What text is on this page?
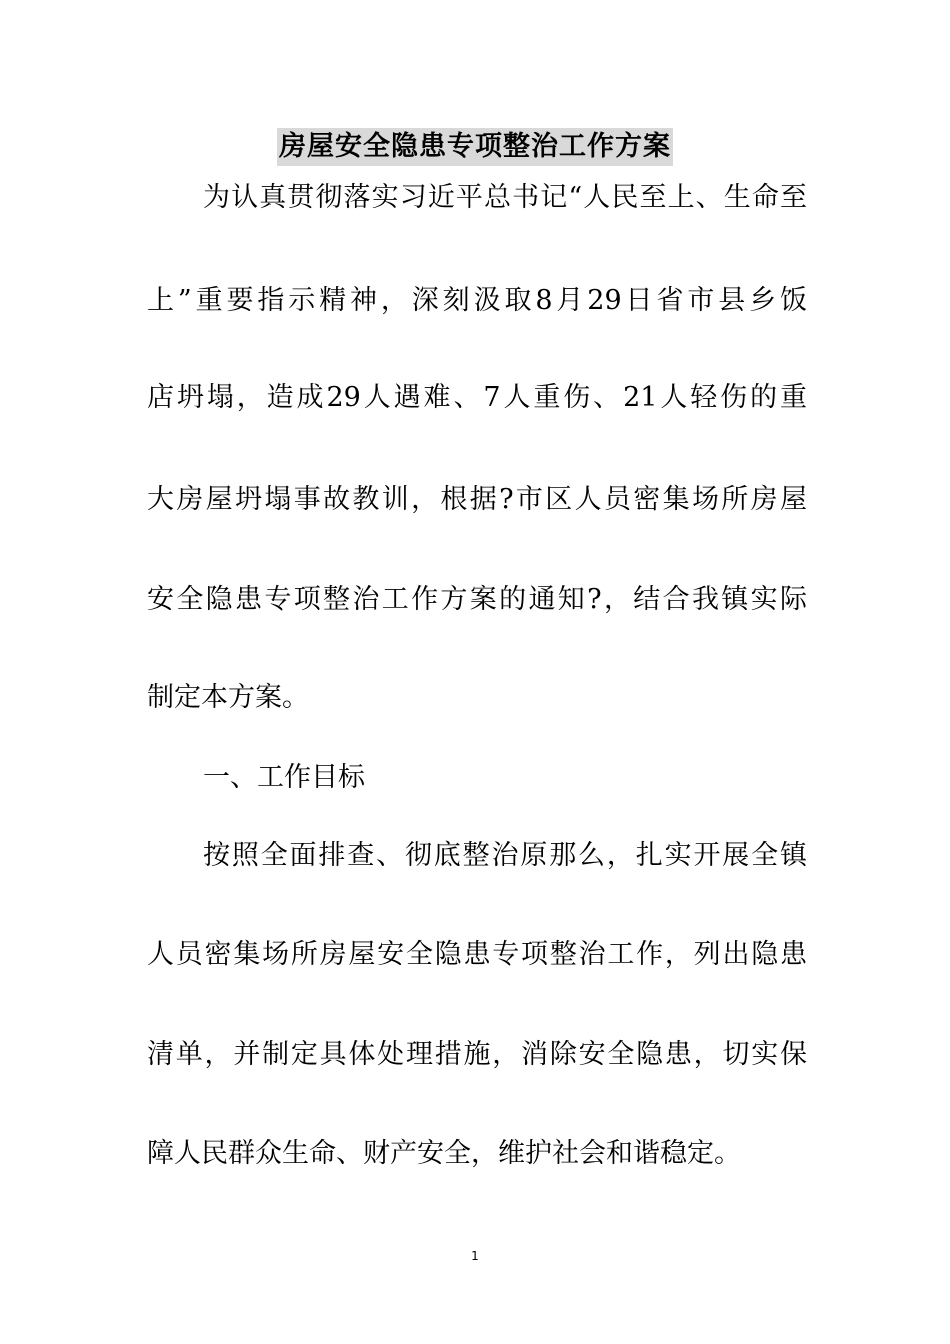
房屋安全隐患专项整治工作方案
为认真贯彻落实习近平总书记“人民至上、生命至
上”重要指示精神，深刻汲取8月29日省市县乡饭
店坍塌，造成29人遇难、7人重伤、21人轻伤的重
大房屋坍塌事故教训，根据?市区人员密集场所房屋
安全隐患专项整治工作方案的通知?，结合我镇实际
制定本方案。
一、工作目标
按照全面排查、彻底整治原那么，扎实开展全镇
人员密集场所房屋安全隐患专项整治工作，列出隐患
清单，并制定具体处理措施，消除安全隐患，切实保
障人民群众生命、财产安全，维护社会和谐稳定。
1
